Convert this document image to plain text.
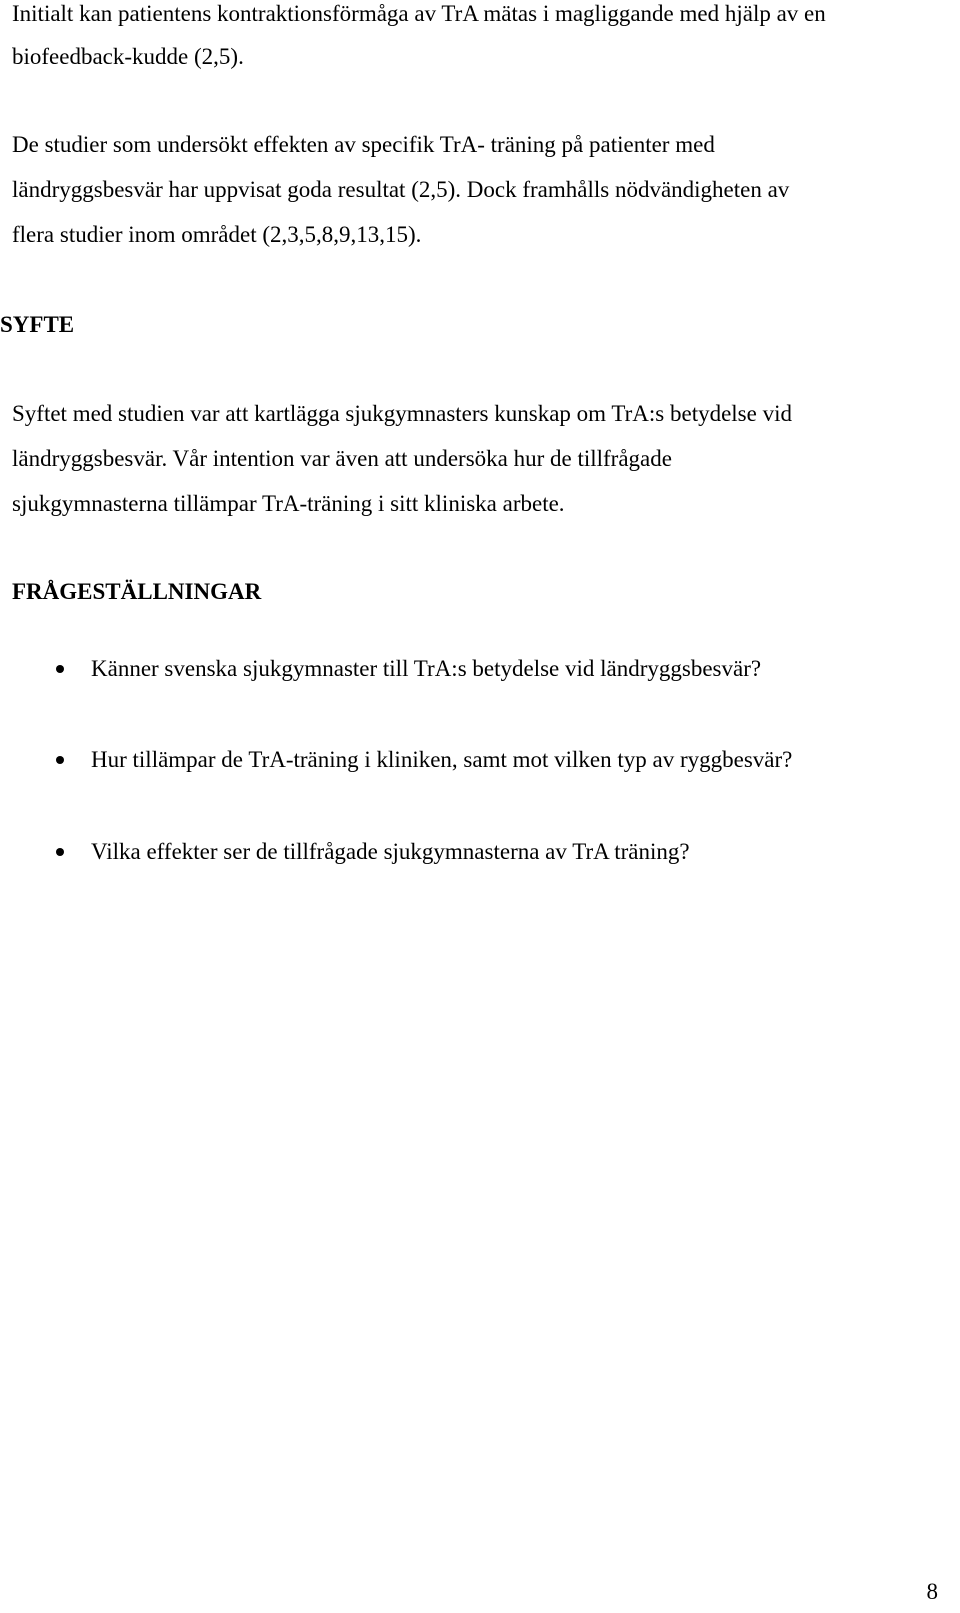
Initialt kan patientens kontraktionsförmåga av TrA mätas i magliggande med hjälp av en
biofeedback-kudde (2,5).
De studier som undersökt effekten av specifik TrA- träning på patienter med
ländryggsbesvär har uppvisat goda resultat (2,5). Dock framhålls nödvändigheten av
flera studier inom området (2,3,5,8,9,13,15).
SYFTE
Syftet med studien var att kartlägga sjukgymnasters kunskap om TrA:s betydelse vid
ländryggsbesvär. Vår intention var även att undersöka hur de tillfrågade
sjukgymnasterna tillämpar TrA-träning i sitt kliniska arbete.
FRÅGESTÄLLNINGAR
Känner svenska sjukgymnaster till TrA:s betydelse vid ländryggsbesvär?
Hur tillämpar de TrA-träning i kliniken, samt mot vilken typ av ryggbesvär?
Vilka effekter ser de tillfrågade sjukgymnasterna av TrA träning?
8
